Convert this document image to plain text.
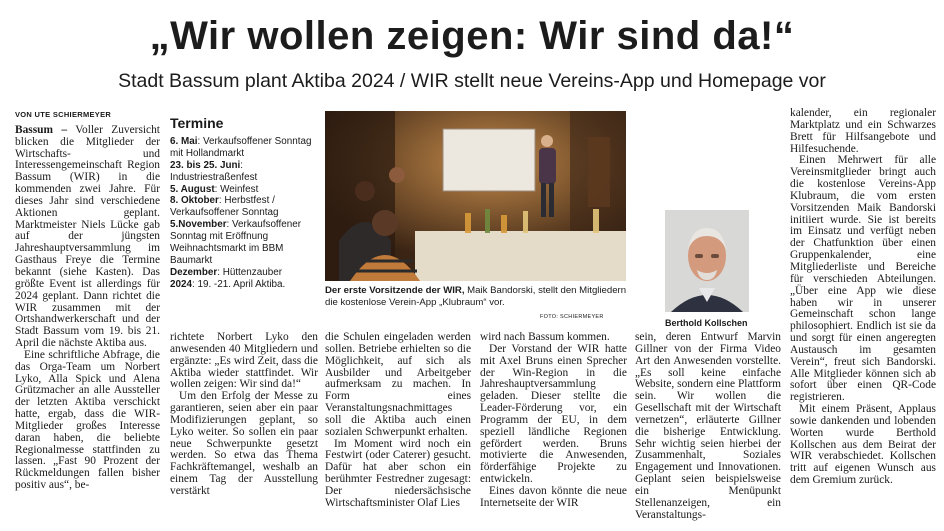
„Wir wollen zeigen: Wir sind da!“
Stadt Bassum plant Aktiba 2024 / WIR stellt neue Vereins-App und Homepage vor

VON UTE SCHIERMEYER

Bassum – Voller Zuversicht blicken die Mitglieder der Wirtschafts- und Interessengemeinschaft Region Bassum (WIR) in die kommenden zwei Jahre. Für dieses Jahr sind verschiedene Aktionen geplant. Marktmeister Niels Lücke gab auf der jüngsten Jahreshauptversammlung im Gasthaus Freye die Termine bekannt (siehe Kasten). Das größte Event ist allerdings für 2024 geplant. Dann richtet die WIR zusammen mit der Ortshandwerkerschaft und der Stadt Bassum vom 19. bis 21. April die nächste Aktiba aus.

Eine schriftliche Abfrage, die das Orga-Team um Norbert Lyko, Alla Spick und Alena Grützmacher an alle Aussteller der letzten Aktiba verschickt hatte, ergab, dass die WIR-Mitglieder großes Interesse daran haben, die beliebte Regionalmesse stattfinden zu lassen. „Fast 90 Prozent der Rückmeldungen fallen bisher positiv aus“, be-

Termine

6. Mai: Verkaufsoffener Sonntag mit Hollandmarkt

23. bis 25. Juni: Industriestraßenfest

5. August: Weinfest

8. Oktober: Herbstfest / Verkaufsoffener Sonntag

5.November: Verkaufsoffener Sonntag mit Eröffnung Weihnachtsmarkt im BBM Baumarkt

Dezember: Hüttenzauber

2024: 19. -21. April Aktiba.

Der erste Vorsitzende der WIR, Maik Bandorski, stellt den Mitgliedern die kostenlose Verein-App „Klubraum“ vor.
FOTO: SCHIERMEYER
Berthold Kollschen

richtete Norbert Lyko den anwesenden 40 Mitgliedern und ergänzte: „Es wird Zeit, dass die Aktiba wieder stattfindet. Wir wollen zeigen: Wir sind da!“

Um den Erfolg der Messe zu garantieren, seien aber ein paar Modifizierungen geplant, so Lyko weiter. So sollen ein paar neue Schwerpunkte gesetzt werden. So etwa das Thema Fachkräftemangel, weshalb an einem Tag der Ausstellung verstärkt

die Schulen eingeladen werden sollen. Betriebe erhielten so die Möglichkeit, auf sich als Ausbilder und Arbeitgeber aufmerksam zu machen. In Form eines Veranstaltungsnachmittages soll die Aktiba auch einen sozialen Schwerpunkt erhalten.

Im Moment wird noch ein Festwirt (oder Caterer) gesucht. Dafür hat aber schon ein berühmter Festredner zugesagt: Der niedersächsische Wirtschaftsminister Olaf Lies

wird nach Bassum kommen.

Der Vorstand der WIR hatte mit Axel Bruns einen Sprecher der Win-Region in die Jahreshauptversammlung geladen. Dieser stellte die Leader-Förderung vor, ein Programm der EU, in dem speziell ländliche Regionen gefördert werden. Bruns motivierte die Anwesenden, förderfähige Projekte zu entwickeln.

Eines davon könnte die neue Internetseite der WIR

sein, deren Entwurf Marvin Gillner von der Firma Video Art den Anwesenden vorstellte. „Es soll keine einfache Website, sondern eine Plattform sein. Wir wollen die Gesellschaft mit der Wirtschaft vernetzen“, erläuterte Gillner die bisherige Entwicklung. Sehr wichtig seien hierbei der Zusammenhalt, Soziales Engagement und Innovationen. Geplant seien beispielsweise ein Menüpunkt Stellenanzeigen, ein Veranstaltungs-

kalender, ein regionaler Marktplatz und ein Schwarzes Brett für Hilfsangebote und Hilfesuchende.

Einen Mehrwert für alle Vereinsmitglieder bringt auch die kostenlose Vereins-App Klubraum, die vom ersten Vorsitzenden Maik Bandorski initiiert wurde. Sie ist bereits im Einsatz und verfügt neben der Chatfunktion über einen Gruppenkalender, eine Mitgliederliste und Bereiche für verschieden Abteilungen. „Über eine App wie diese haben wir in unserer Gemeinschaft schon lange philosophiert. Endlich ist sie da und sorgt für einen angeregten Austausch im gesamten Verein“, freut sich Bandorski. Alle Mitglieder können sich ab sofort über einen QR-Code registrieren.

Mit einem Präsent, Applaus sowie dankenden und lobenden Worten wurde Berthold Kollschen aus dem Beirat der WIR verabschiedet. Kollschen tritt auf eigenen Wunsch aus dem Gremium zurück.
